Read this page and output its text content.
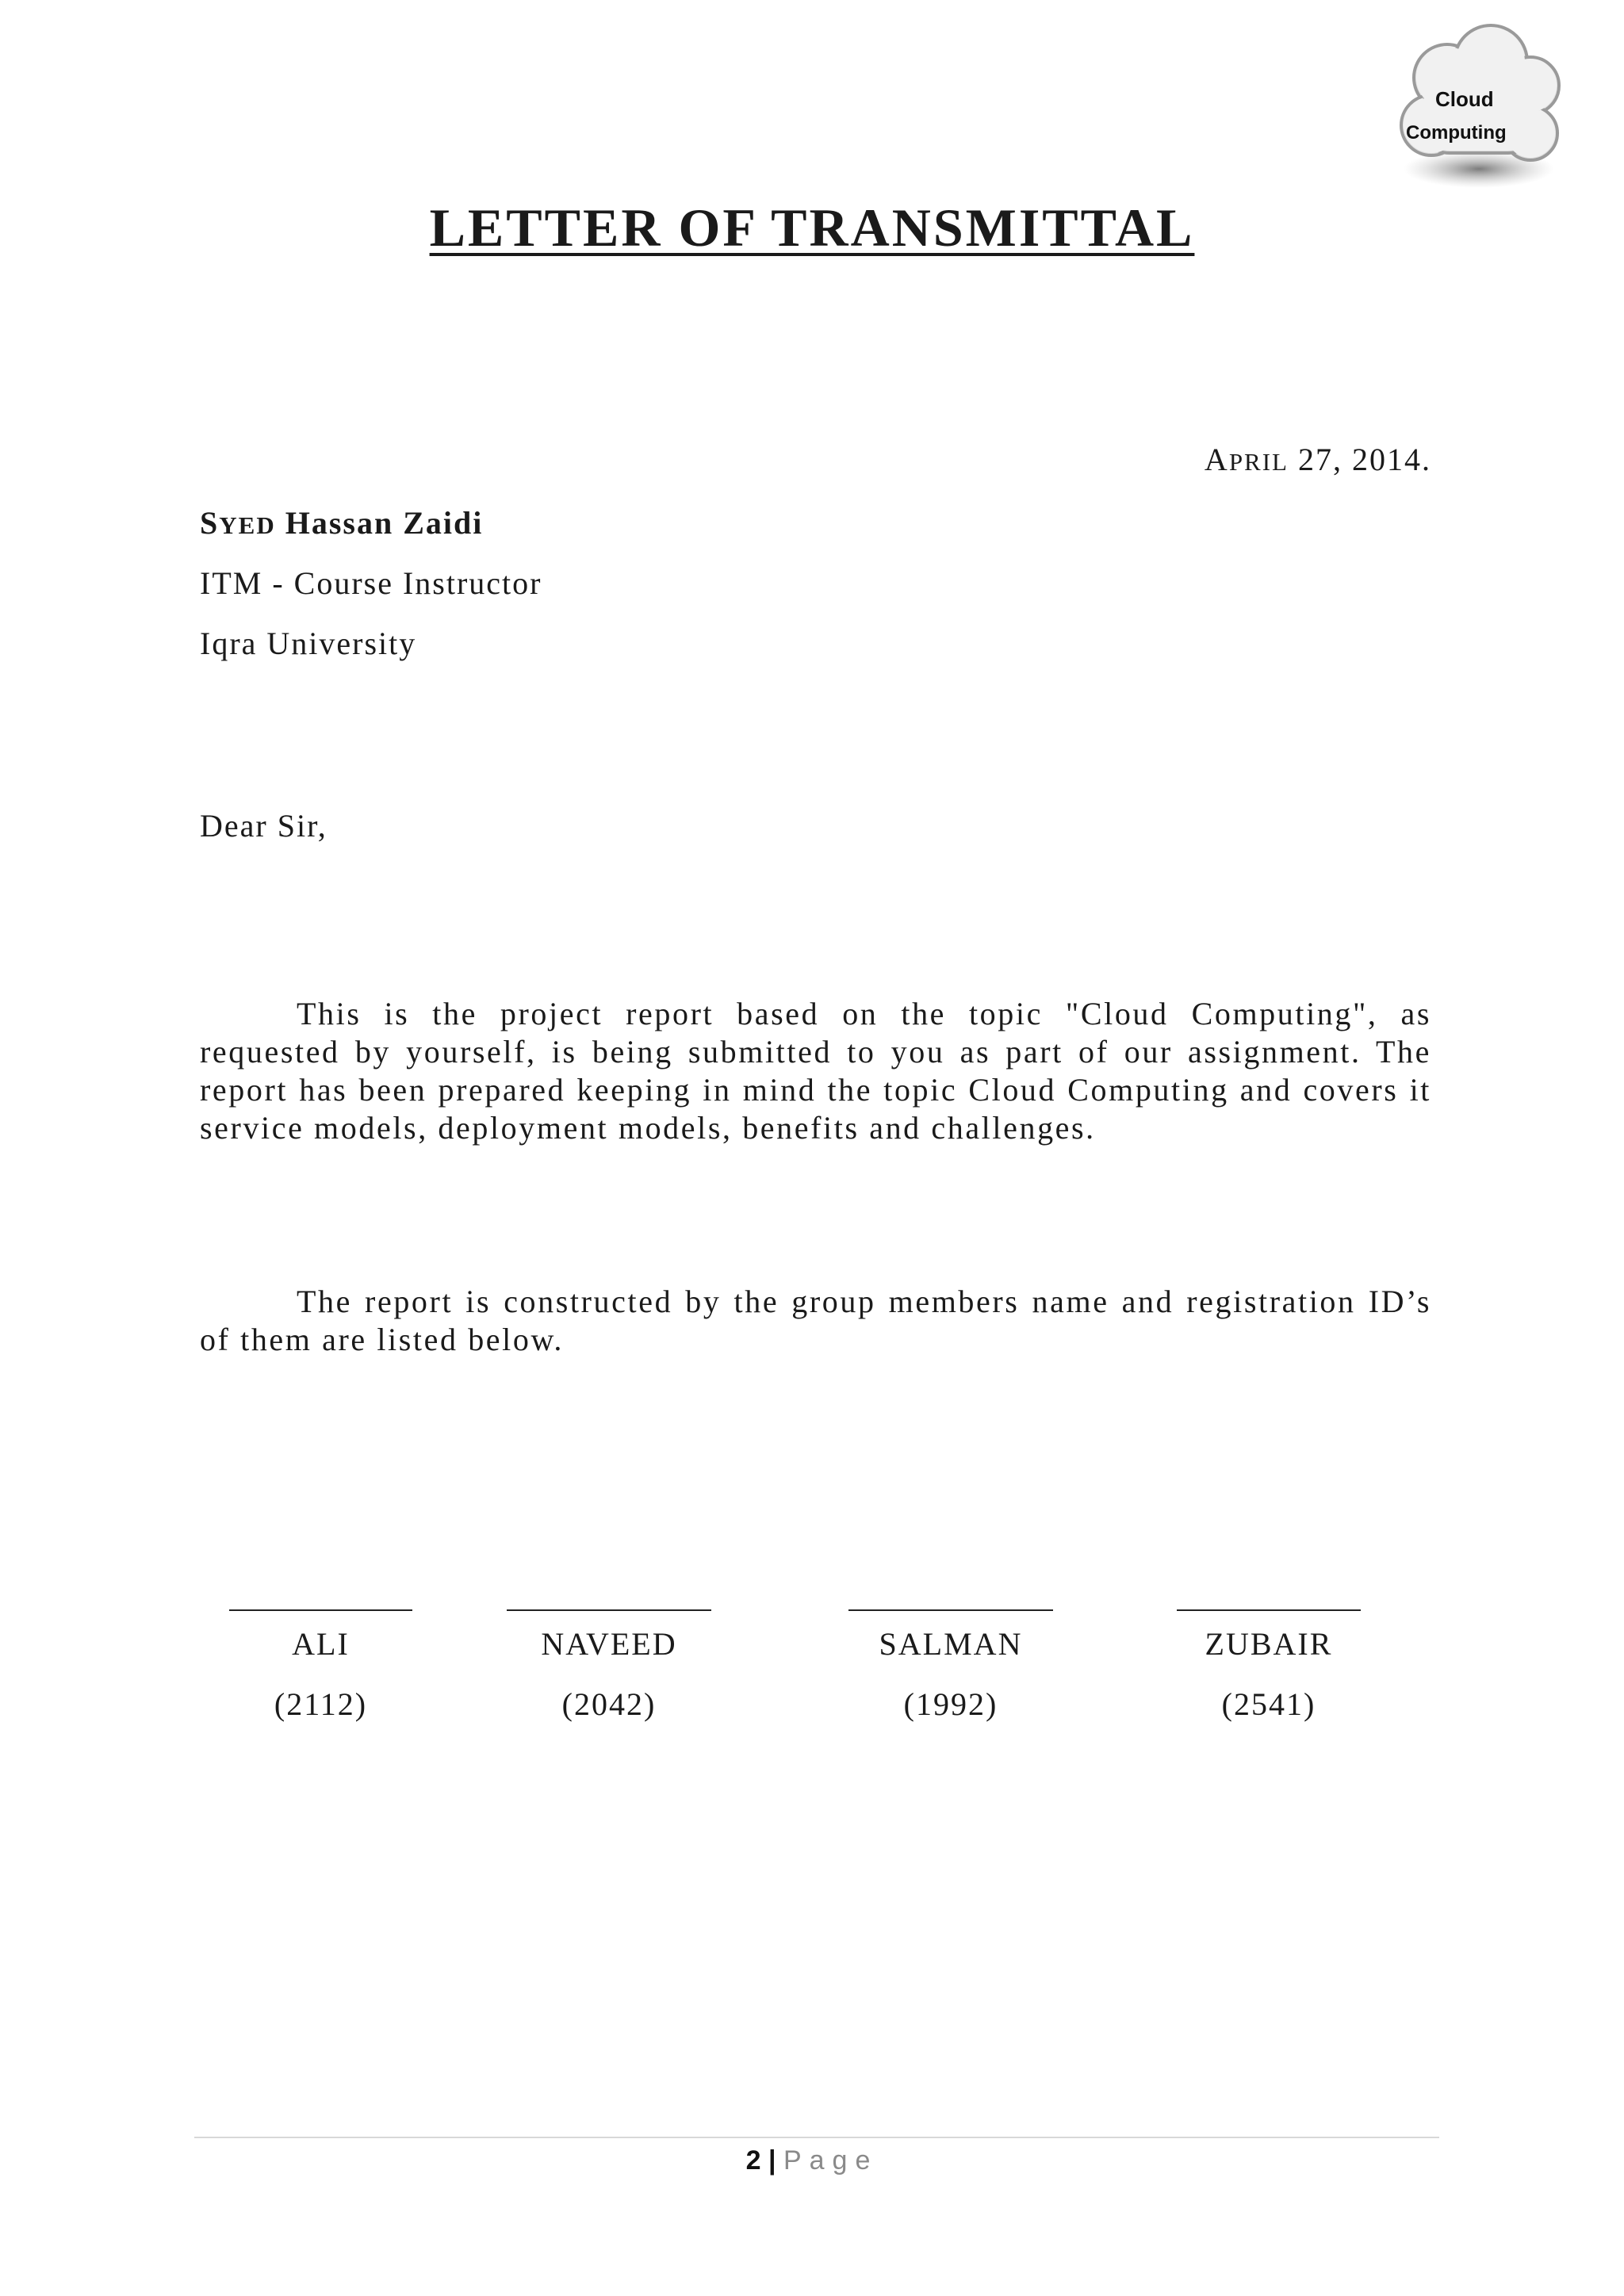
Cloud
Computing
LETTER OF TRANSMITTAL
APRIL 27, 2014.
SYED Hassan Zaidi
ITM - Course Instructor
Iqra University
Dear Sir,
This is the project report based on the topic "Cloud Computing", as requested by yourself, is being submitted to you as part of our assignment. The report has been prepared keeping in mind the topic Cloud Computing and covers it service models, deployment models, benefits and challenges.
The report is constructed by the group members name and registration ID’s of them are listed below.
ALI
(2112)
NAVEED
(2042)
SALMAN
(1992)
ZUBAIR
(2541)
2 | Page
